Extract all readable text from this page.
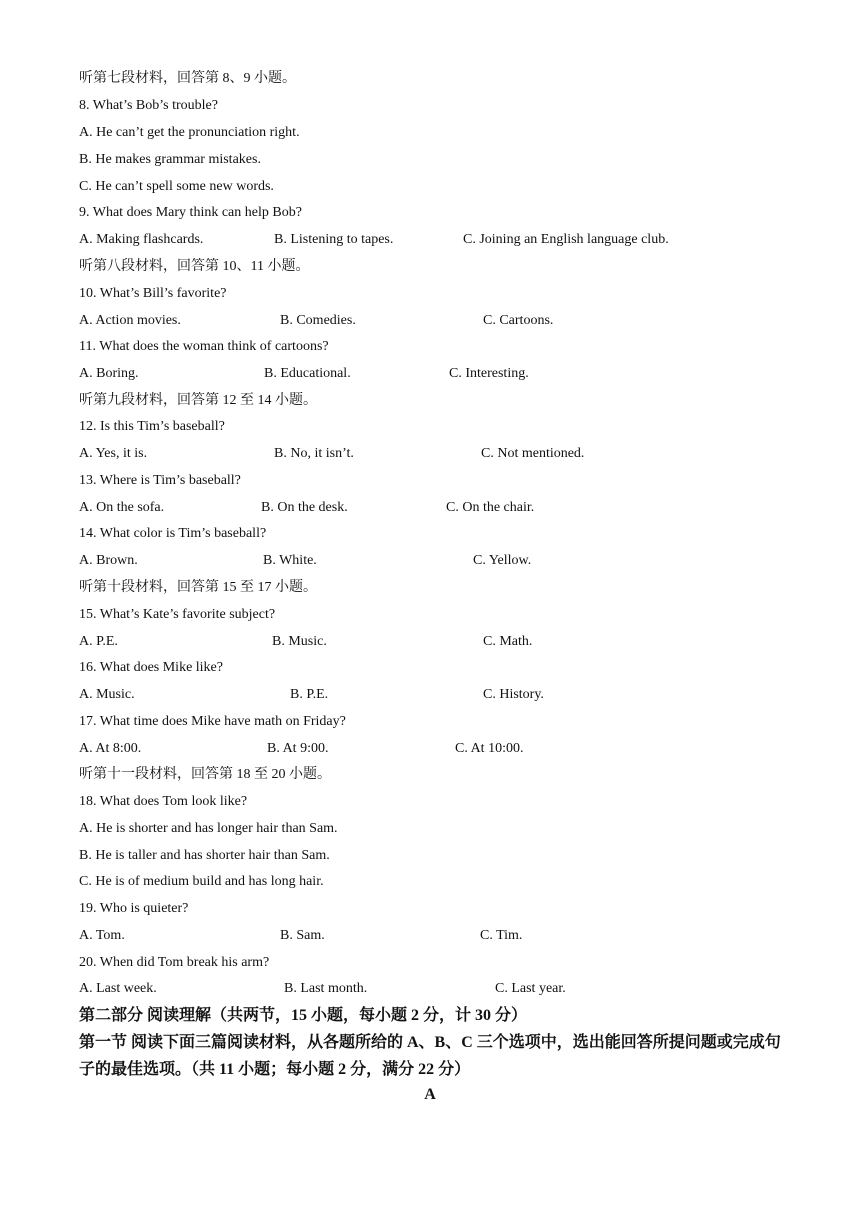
听第七段材料，回答第 8、9 小题。
8. What’s Bob’s trouble?
A. He can’t get the pronunciation right.
B. He makes grammar mistakes.
C. He can’t spell some new words.
9. What does Mary think can help Bob?
A. Making flashcards.	B. Listening to tapes.	C. Joining an English language club.
听第八段材料，回答第 10、11 小题。
10. What’s Bill’s favorite?
A. Action movies.	B. Comedies.	C. Cartoons.
11. What does the woman think of cartoons?
A. Boring.	B. Educational.	C. Interesting.
听第九段材料，回答第 12 至 14 小题。
12. Is this Tim’s baseball?
A. Yes, it is.	B. No, it isn’t.	C. Not mentioned.
13. Where is Tim’s baseball?
A. On the sofa.	B. On the desk.	C. On the chair.
14. What color is Tim’s baseball?
A. Brown.	B. White.	C. Yellow.
听第十段材料，回答第 15 至 17 小题。
15. What’s Kate’s favorite subject?
A. P.E.	B. Music.	C. Math.
16. What does Mike like?
A. Music.	B. P.E.	C. History.
17. What time does Mike have math on Friday?
A. At 8:00.	B. At 9:00.	C. At 10:00.
听第十一段材料，回答第 18 至 20 小题。
18. What does Tom look like?
A. He is shorter and has longer hair than Sam.
B. He is taller and has shorter hair than Sam.
C. He is of medium build and has long hair.
19. Who is quieter?
A. Tom.	B. Sam.	C. Tim.
20. When did Tom break his arm?
A. Last week.	B. Last month.	C. Last year.
第二部分 阅读理解（共两节，15 小题，每小题 2 分，计 30 分）
第一节 阅读下面三篇阅读材料，从各题所给的 A、B、C 三个选项中，选出能回答所提问题或完成句子的最佳选项。（共 11 小题；每小题 2 分，满分 22 分）
A
